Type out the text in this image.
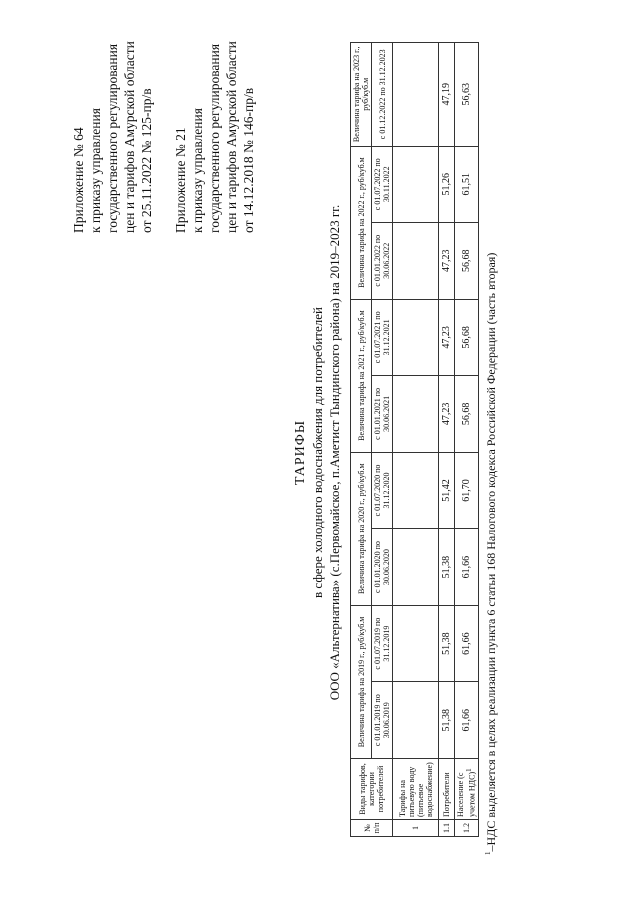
Приложение № 64 к приказу управления государственного регулирования цен и тарифов Амурской области от 25.11.2022 № 125-пр/в Приложение № 21 к приказу управления государственного регулирования цен и тарифов Амурской области от 14.12.2018 № 146-пр/в
ТАРИФЫ в сфере холодного водоснабжения для потребителей ООО «Альтернатива» (с.Первомайское, п.Аметист Тындинского района) на 2019–2023 гг.
№ п/п	Виды тарифов, категории потребителей	Величина тарифа на 2019 г., руб/куб.м		Величина тарифа на 2020 г., руб/куб.м		Величина тарифа на 2021 г., руб/куб.м		Величина тарифа на 2022 г., руб/куб.м		Величина тарифа на 2023 г., руб/куб.м
		с 01.01.2019 по 30.06.2019	с 01.07.2019 по 31.12.2019	с 01.01.2020 по 30.06.2020	с 01.07.2020 по 31.12.2020	с 01.01.2021 по 30.06.2021	с 01.07.2021 по 31.12.2021	с 01.01.2022 по 30.06.2022	с 01.07.2022 по 30.11.2022	с 01.12.2022 по 31.12.2023
1	Тарифы на питьевую воду (питьевое водоснабжение)									
1.1	Потребители	51,38	51,38	51,38	51,42	47,23	47,23	47,23	51,26	47,19
1.2	Население (с учетом НДС)$^1$	61,66	61,66	61,66	61,70	56,68	56,68	56,68	61,51	56,63
$^1$–НДС выделяется в целях реализации пункта 6 статьи 168 Налогового кодекса Российской Федерации (часть вторая)
